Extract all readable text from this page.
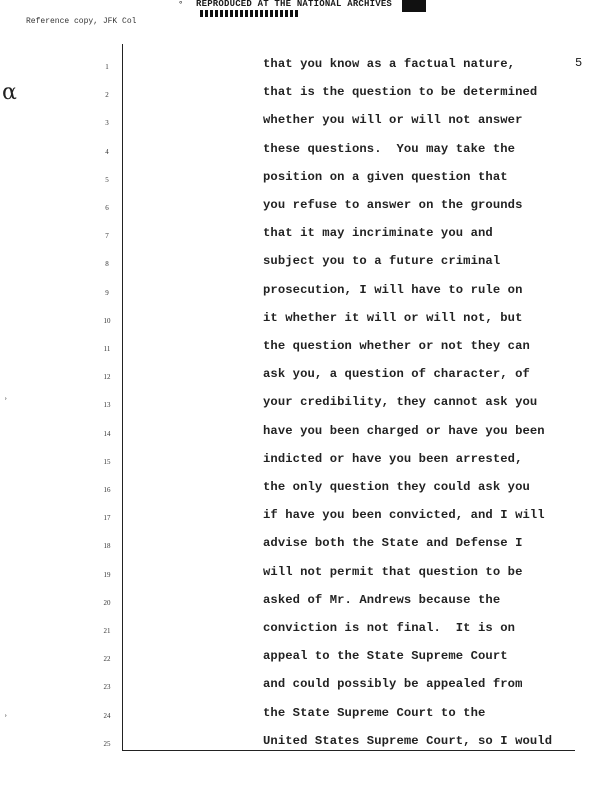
° REPRODUCED AT THE NATIONAL ARCHIVES
Reference copy, JFK Col
α
ʾ
ʾ
5
1	that you know as a factual nature,
2	that is the question to be determined
3	whether you will or will not answer
4	these questions.  You may take the
5	position on a given question that
6	you refuse to answer on the grounds
7	that it may incriminate you and
8	subject you to a future criminal
9	prosecution, I will have to rule on
10	it whether it will or will not, but
11	the question whether or not they can
12	ask you, a question of character, of
13	your credibility, they cannot ask you
14	have you been charged or have you been
15	indicted or have you been arrested,
16	the only question they could ask you
17	if have you been convicted, and I will
18	advise both the State and Defense I
19	will not permit that question to be
20	asked of Mr. Andrews because the
21	conviction is not final.  It is on
22	appeal to the State Supreme Court
23	and could possibly be appealed from
24	the State Supreme Court to the
25	United States Supreme Court, so I would
